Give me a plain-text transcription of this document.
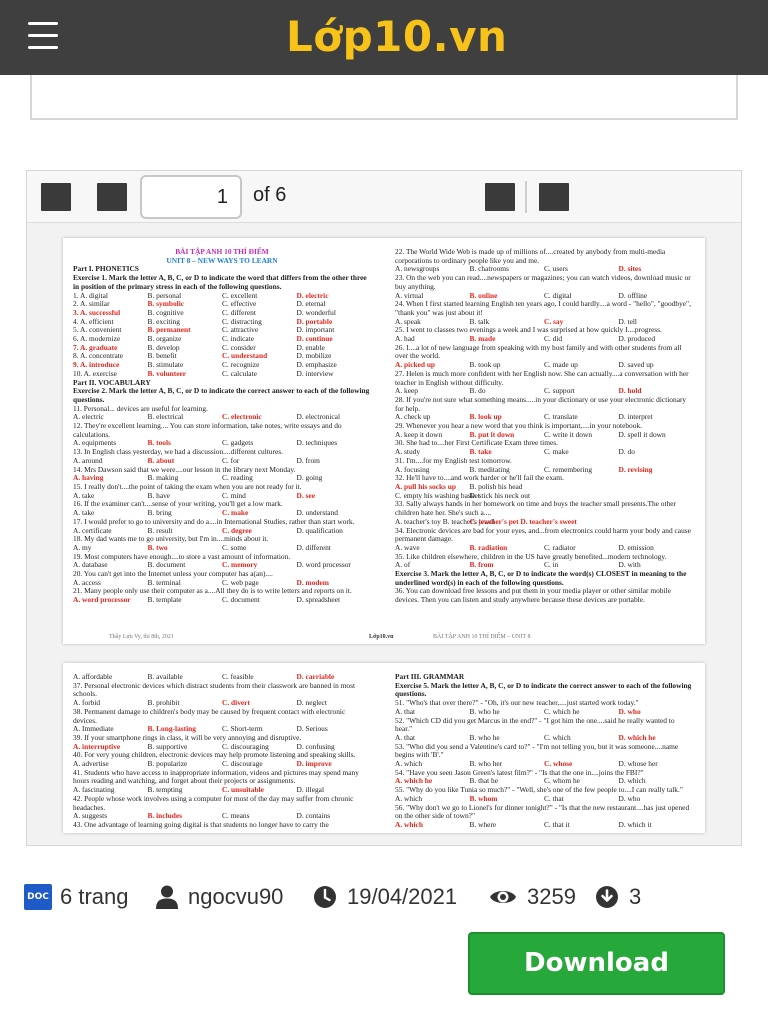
Lớp10.vn
1
of 6
BÀI TẬP ANH 10 THÍ ĐIỂM
UNIT 8 – NEW WAYS TO LEARN
Part I. PHONETICS
Exercise 1. Mark the letter A, B, C, or D to indicate the word that differs from the other three in position of the primary stress in each of the following questions.
1. A. digital	B. personal	C. excellent	D. electric
2. A. similar	B. symbolic	C. effective	D. eternal
3. A. successful	B. cognitive	C. different	D. wonderful
4. A. efficient	B. exciting	C. distracting	D. portable
5. A. convenient	B. permanent	C. attractive	D. important
6. A. modernize	B. organize	C. indicate	D. continue
7. A. graduate	B. develop	C. consider	D. enable
8. A. concentrate	B. benefit	C. understand	D. mobilize
9. A. introduce	B. stimulate	C. recognize	D. emphasize
10. A. exercise	B. volunteer	C. calculate	D. interview
Part II. VOCABULARY
Exercise 2. Mark the letter A, B, C, or D to indicate the correct answer to each of the following questions.
11. Personal... devices are useful for learning.
A. electric	B. electrical	C. electronic	D. electronical
12. They're excellent learning.... You can store information, take notes, write essays and do calculations.
A. equipments	B. tools	C. gadgets	D. techniques
13. In English class yesterday, we had a discussion....different cultures.
A. around	B. about	C. for	D. from
14. Mrs Dawson said that we were....our lesson in the library next Monday.
A. having	B. making	C. reading	D. going
15. I really don't....the point of taking the exam when you are not ready for it.
A. take	B. have	C. mind	D. see
16. If the examiner can't....sense of your writing, you'll get a low mark.
A. take	B. bring	C. make	D. understand
17. I would prefer to go to university and do a....in International Studies, rather than start work.
A. certificate	B. result	C. degree	D. qualification
18. My dad wants me to go university, but I'm in....minds about it.
A. my	B. two	C. some	D. different
19. Most computers have enough....to store a vast amount of information.
A. database	B. document	C. memory	D. word processor
20. You can't get into the Internet unless your computer has a(an)....
A. access	B. terminal	C. web page	D. modem
21. Many people only use their computer as a....All they do is to write letters and reports on it.
A. word processor	B. template	C. document	D. spreadsheet
22. The World Wide Web is made up of millions of....created by anybody from multi-media corporations to ordinary people like you and me.
A. newsgroups	B. chatrooms	C. users	D. sites
23. On the web you can read....newspapers or magazines; you can watch videos, download music or buy anything.
A. virtual	B. online	C. digital	D. offline
24. When I first started learning English ten years ago, I could hardly....a word - "hello", "goodbye", "thank you" was just about it!
A. speak	B. talk	C. say	D. tell
25. I went to classes two evenings a week and I was surprised at how quickly I....progress.
A. had	B. made	C. did	D. produced
26. I....a lot of new language from speaking with my host family and with other students from all over the world.
A. picked up	B. took up	C. made up	D. saved up
27. Helen is much more confident with her English now. She can actually....a conversation with her teacher in English without difficulty.
A. keep	B. do	C. support	D. hold
28. If you're not sure what something means.....in your dictionary or use your electronic dictionary for help.
A. check up	B. look up	C. translate	D. interpret
29. Whenever you hear a new word that you think is important,....in your notebook.
A. keep it down	B. put it down	C. write it down	D. spell it down
30. She had to....her First Certificate Exam three times.
A. study	B. take	C. make	D. do
31. I'm....for my English test tomorrow.
A. focusing	B. meditating	C. remembering	D. revising
32. He'll have to....and work harder or he'll fail the exam.
A. pull his socks up	B. polish his head
C. empty his washing basket
D. stick his neck out
33. Sally always hands in her homework on time and buys the teacher small presents.The other children hate her. She's such a....
A. teacher's toy B. teacher's jewel
C. teacher's pet D. teacher's sweet
34. Electronic devices are bad for your eyes, and...from electronics could harm your body and cause permanent damage.
A. wave	B. radiation	C. radiator	D. emission
35. Like children elsewhere, children in the US have greatly benefited...modern technology.
A. of	B. from	C. in	D. with
Exercise 3. Mark the letter A, B, C, or D to indicate the word(s) CLOSEST in meaning to the underlined word(s) in each of the following questions.
36. You can download free lessons and put them in your media player or other similar mobile devices. Then you can listen and study anywhere because these devices are portable.
Thầy Lưu Vy, thí 8th, 2021	Lớp10.vn	BÀI TẬP ANH 10 THÍ ĐIỂM – UNIT 8
A. affordable	B. available	C. feasible	D. carriable
37. Personal electronic devices which distract students from their classwork are banned in most schools.
A. forbid	B. prohibit	C. divert	D. neglect
38. Permanent damage to children's body may be caused by frequent contact with electronic devices.
A. Immediate	B. Long-lasting	C. Short-term	D. Serious
39. If your smartphone rings in class, it will be very annoying and disruptive.
A. interruptive	B. supportive	C. discouraging	D. confusing
40. For very young children, electronic devices may help promote listening and speaking skills.
A. advertise	B. popularize	C. discourage	D. improve
41. Students who have access to inappropriate information, videos and pictures may spend many hours reading and watching, and forget about their projects or assignments.
A. fascinating	B. tempting	C. unsuitable	D. illegal
42. People whose work involves using a computer for most of the day may suffer from chronic headaches.
A. suggests	B. includes	C. means	D. contains
43. One advantage of learning going digital is that students no longer have to carry the
Part III. GRAMMAR
Exercise 5. Mark the letter A, B, C, or D to indicate the correct answer to each of the following questions.
51. "Who's that over there?" - "Oh, it's our new teacher,....just started work today."
A. that	B. who he	C. which he	D. who
52. "Which CD did you get Marcus in the end?" - "I got him the one....said he really wanted to hear."
A. that	B. who he	C. which	D. which he
53. "Who did you send a Valentine's card to?" - "I'm not telling you, but it was someone....name begins with 'B'."
A. which	B. who her	C. whose	D. whose her
54. "Have you seen Jason Green's latest film?" - "Is that the one in....joins the FBI?"
A. which he	B. that he	C. whom he	D. which
55. "Why do you like Tunia so much?" - "Well, she's one of the few people to....I can really talk."
A. which	B. whom	C. that	D. who
56. "Why don't we go to Lionel's for dinner tonight?" - "Is that the new restaurant....has just opened on the other side of town?"
A. which	B. where	C. that it	D. which it
DOC 6 trang	ngocvu90	19/04/2021	3259 3
Download
